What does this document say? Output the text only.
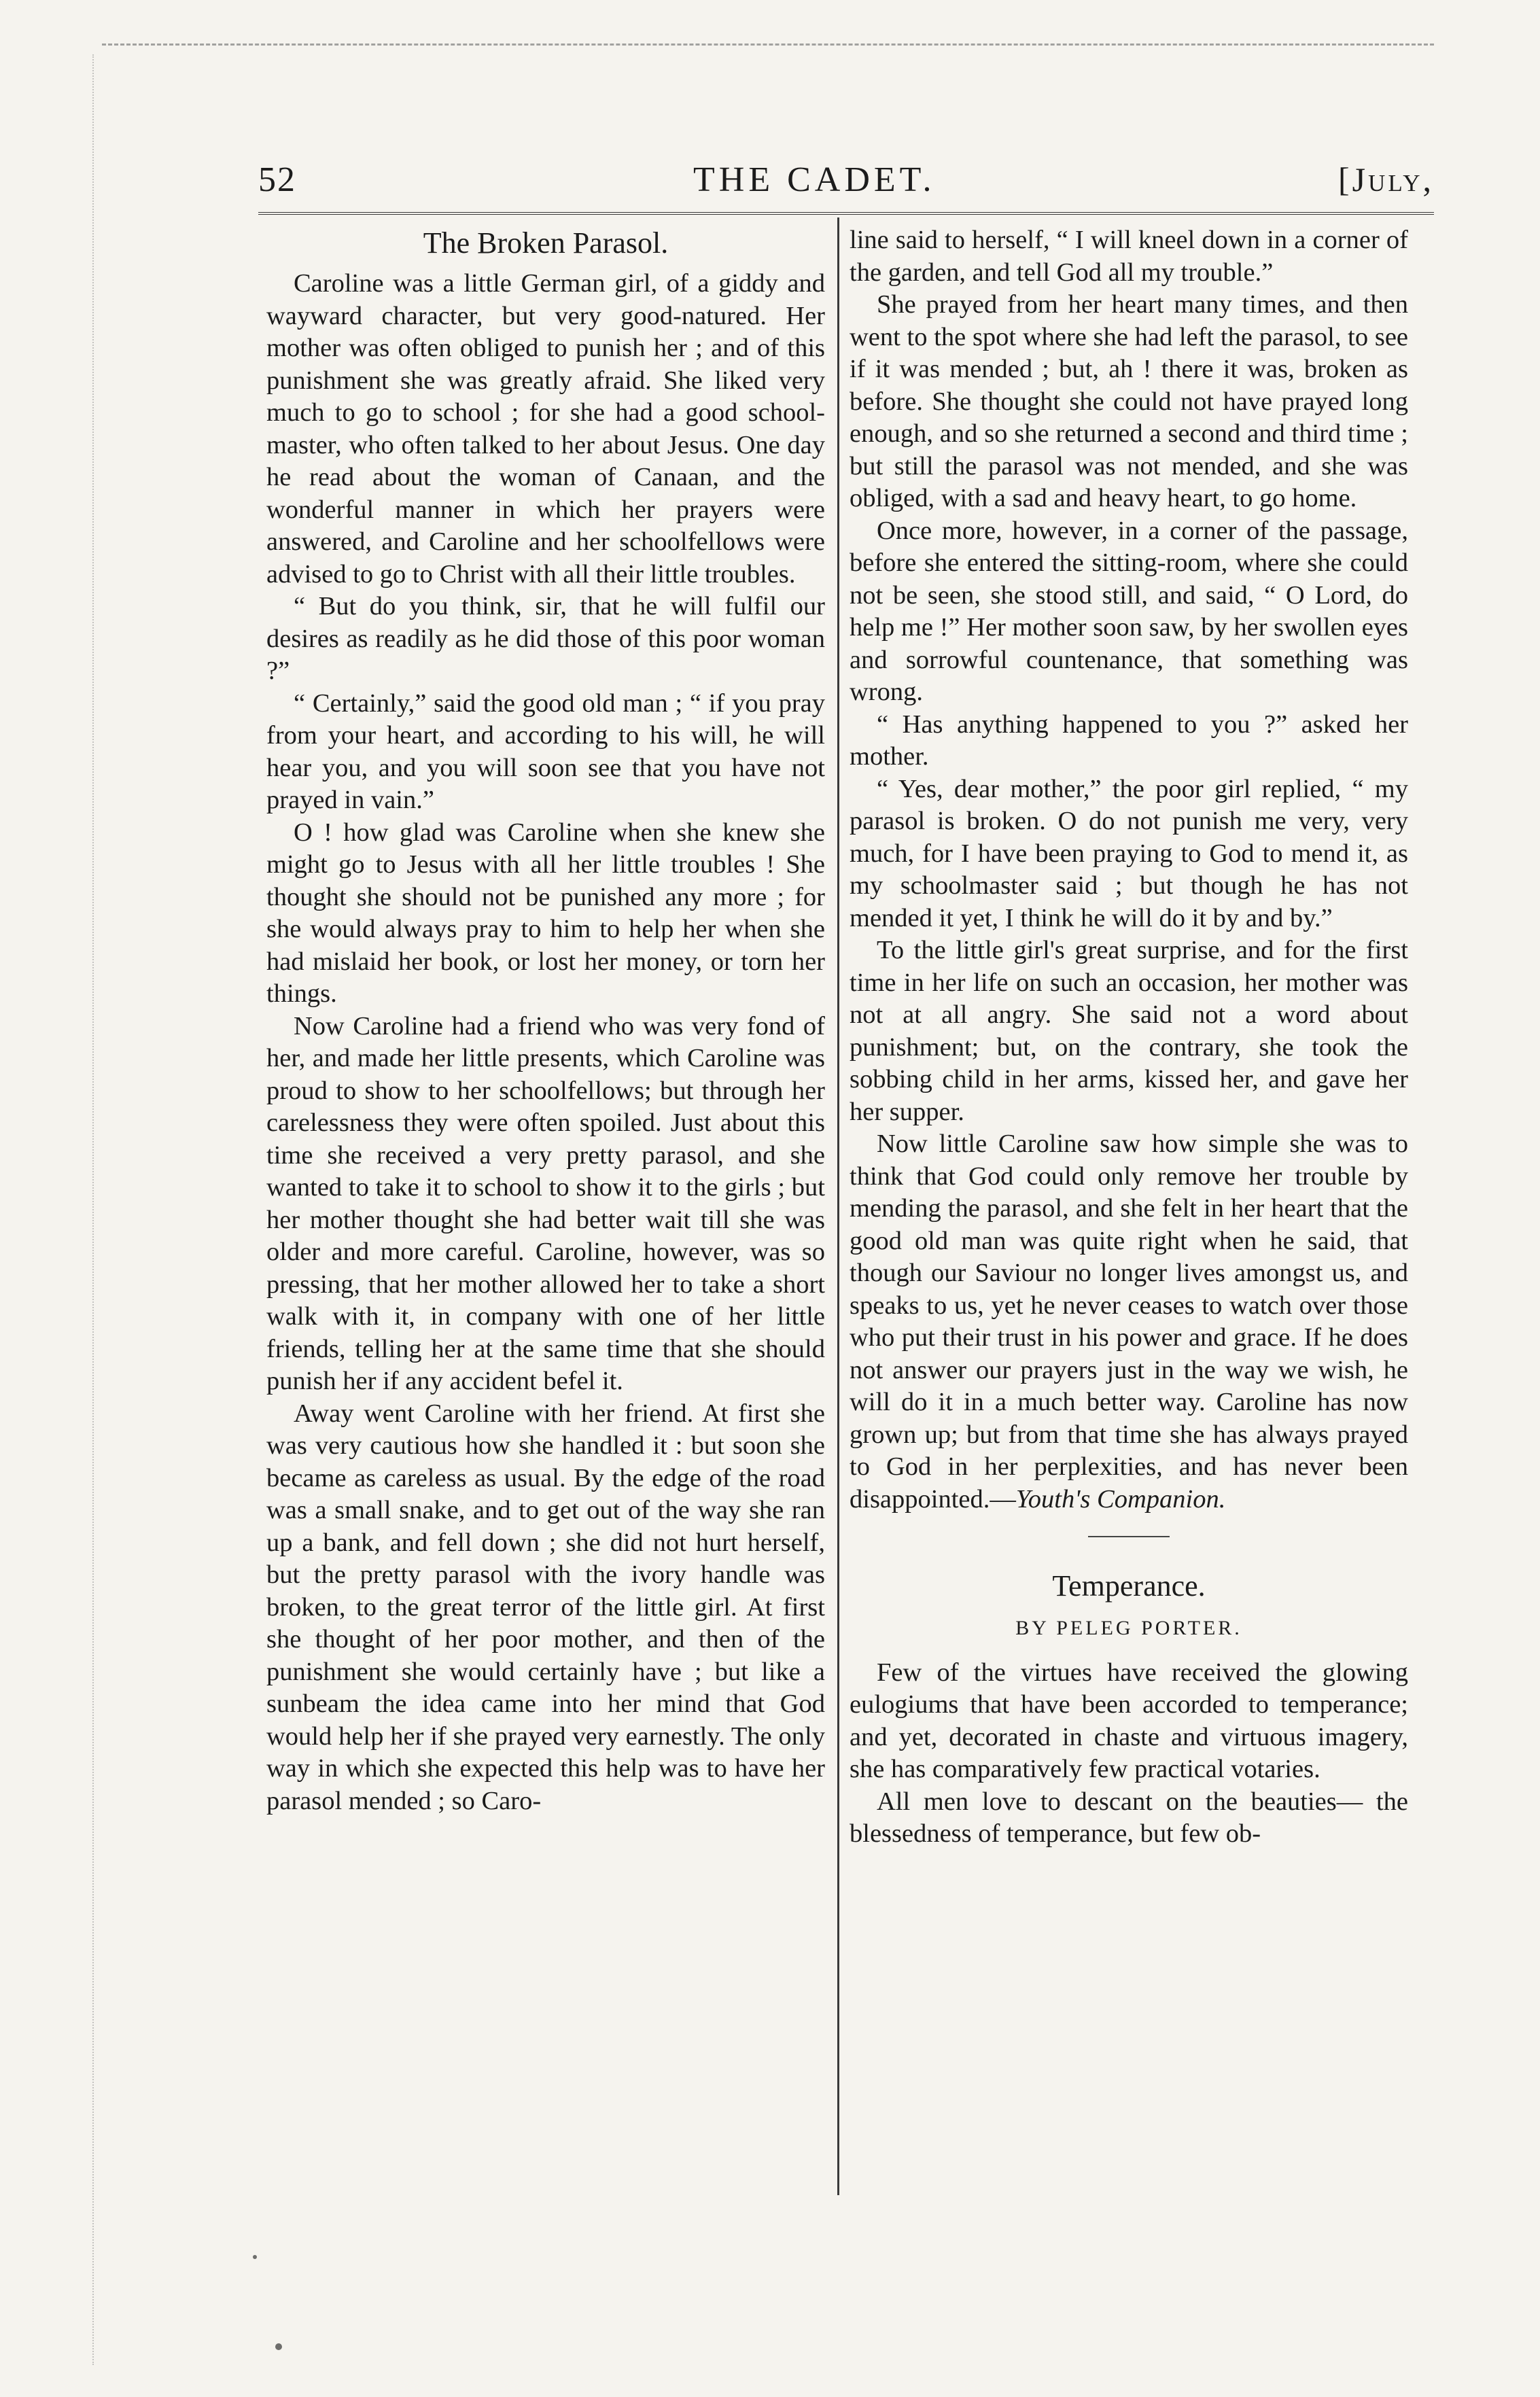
52	THE CADET.	[July,
The Broken Parasol.

Caroline was a little German girl, of a giddy and wayward character, but very good-natured. Her mother was often obliged to punish her ; and of this punishment she was greatly afraid. She liked very much to go to school ; for she had a good school-master, who often talked to her about Jesus. One day he read about the woman of Canaan, and the wonderful manner in which her prayers were answered, and Caroline and her schoolfellows were advised to go to Christ with all their little troubles.

“ But do you think, sir, that he will fulfil our desires as readily as he did those of this poor woman ?”

“ Certainly,” said the good old man ; “ if you pray from your heart, and according to his will, he will hear you, and you will soon see that you have not prayed in vain.”

O ! how glad was Caroline when she knew she might go to Jesus with all her little troubles ! She thought she should not be punished any more ; for she would always pray to him to help her when she had mislaid her book, or lost her money, or torn her things.

Now Caroline had a friend who was very fond of her, and made her little presents, which Caroline was proud to show to her schoolfellows; but through her carelessness they were often spoiled. Just about this time she received a very pretty parasol, and she wanted to take it to school to show it to the girls ; but her mother thought she had better wait till she was older and more careful. Caroline, however, was so pressing, that her mother allowed her to take a short walk with it, in company with one of her little friends, telling her at the same time that she should punish her if any accident befel it.

Away went Caroline with her friend. At first she was very cautious how she handled it : but soon she became as careless as usual. By the edge of the road was a small snake, and to get out of the way she ran up a bank, and fell down ; she did not hurt herself, but the pretty parasol with the ivory handle was broken, to the great terror of the little girl. At first she thought of her poor mother, and then of the punishment she would certainly have ; but like a sunbeam the idea came into her mind that God would help her if she prayed very earnestly. The only way in which she expected this help was to have her parasol mended ; so Caro-

line said to herself, “ I will kneel down in a corner of the garden, and tell God all my trouble.”

She prayed from her heart many times, and then went to the spot where she had left the parasol, to see if it was mended ; but, ah ! there it was, broken as before. She thought she could not have prayed long enough, and so she returned a second and third time ; but still the parasol was not mended, and she was obliged, with a sad and heavy heart, to go home.

Once more, however, in a corner of the passage, before she entered the sitting-room, where she could not be seen, she stood still, and said, “ O Lord, do help me !” Her mother soon saw, by her swollen eyes and sorrowful countenance, that something was wrong.

“ Has anything happened to you ?” asked her mother.

“ Yes, dear mother,” the poor girl replied, “ my parasol is broken. O do not punish me very, very much, for I have been praying to God to mend it, as my schoolmaster said ; but though he has not mended it yet, I think he will do it by and by.”

To the little girl's great surprise, and for the first time in her life on such an occasion, her mother was not at all angry. She said not a word about punishment; but, on the contrary, she took the sobbing child in her arms, kissed her, and gave her her supper.

Now little Caroline saw how simple she was to think that God could only remove her trouble by mending the parasol, and she felt in her heart that the good old man was quite right when he said, that though our Saviour no longer lives amongst us, and speaks to us, yet he never ceases to watch over those who put their trust in his power and grace. If he does not answer our prayers just in the way we wish, he will do it in a much better way. Caroline has now grown up; but from that time she has always prayed to God in her perplexities, and has never been disappointed.—Youth's Companion.

Temperance.
BY PELEG PORTER.

Few of the virtues have received the glowing eulogiums that have been accorded to temperance; and yet, decorated in chaste and virtuous imagery, she has comparatively few practical votaries.

All men love to descant on the beauties— the blessedness of temperance, but few ob-
